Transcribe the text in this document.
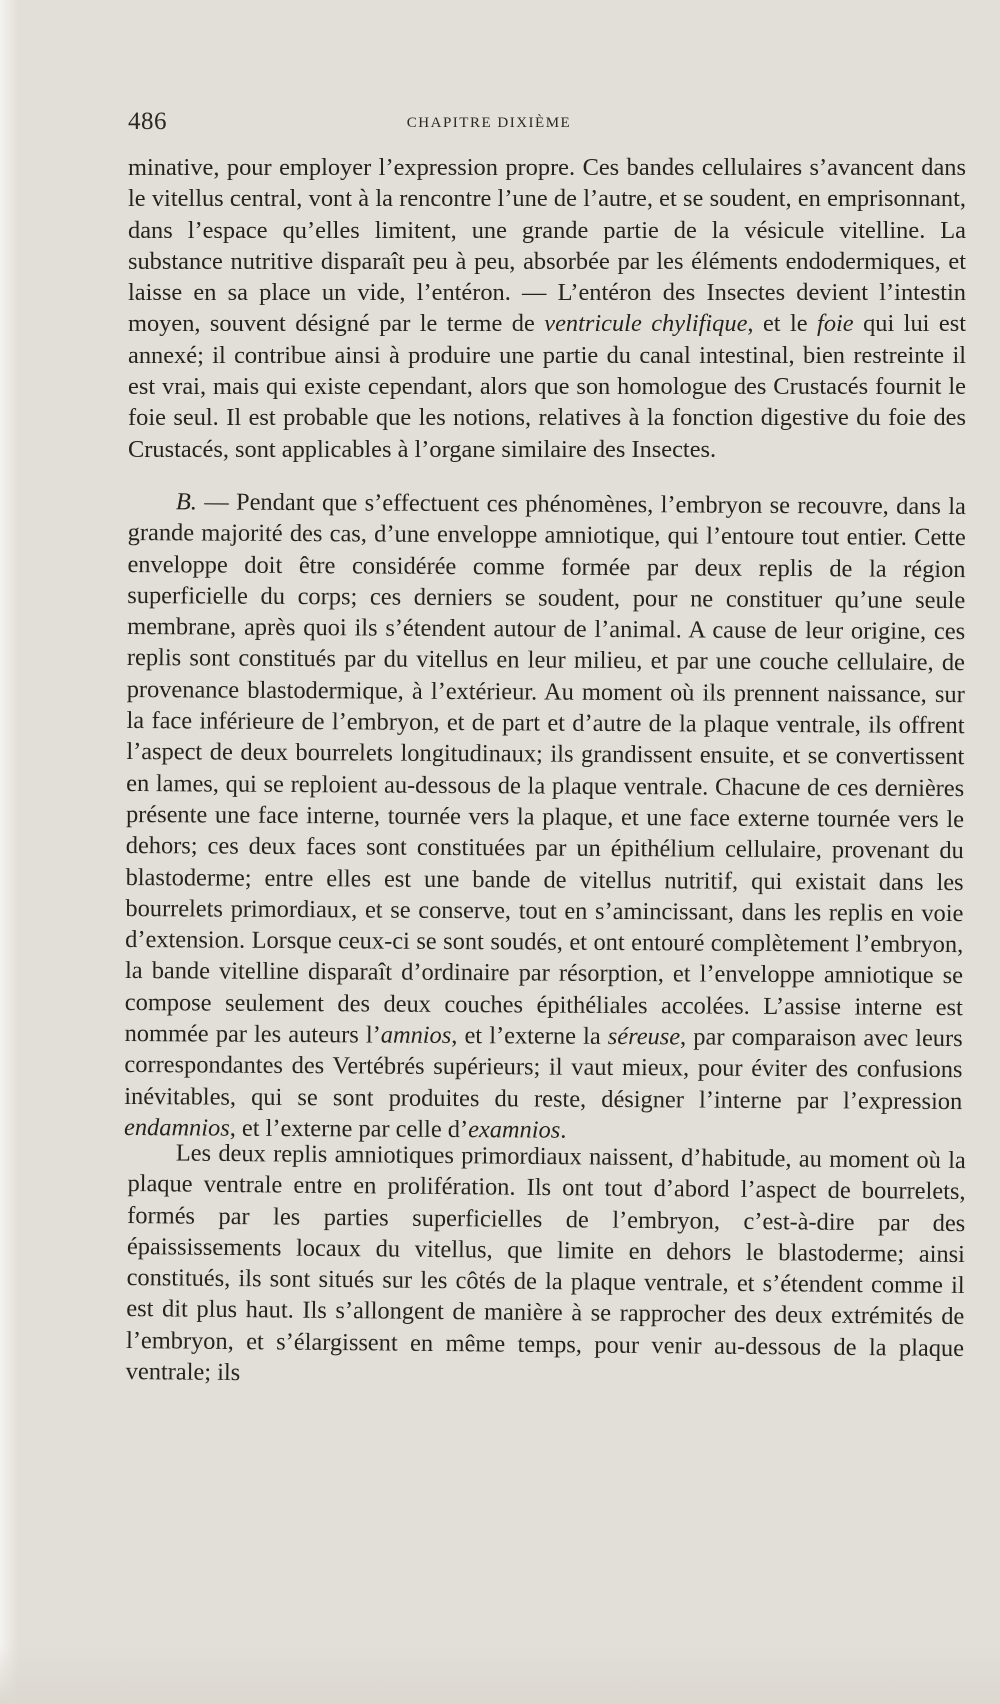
486	CHAPITRE DIXIÈME

minative, pour employer l’expression propre. Ces bandes cellulaires s’avancent dans le vitellus central, vont à la rencontre l’une de l’autre, et se soudent, en emprisonnant, dans l’espace qu’elles limitent, une grande partie de la vésicule vitelline. La substance nutritive disparaît peu à peu, absorbée par les éléments endodermiques, et laisse en sa place un vide, l’entéron. — L’entéron des Insectes devient l’intestin moyen, souvent désigné par le terme de ventricule chylifique, et le foie qui lui est annexé; il contribue ainsi à produire une partie du canal intestinal, bien restreinte il est vrai, mais qui existe cependant, alors que son homologue des Crustacés fournit le foie seul. Il est probable que les notions, relatives à la fonction digestive du foie des Crustacés, sont applicables à l’organe similaire des Insectes.

B. — Pendant que s’effectuent ces phénomènes, l’embryon se recouvre, dans la grande majorité des cas, d’une enveloppe amniotique, qui l’entoure tout entier. Cette enveloppe doit être considérée comme formée par deux replis de la région superficielle du corps; ces derniers se soudent, pour ne constituer qu’une seule membrane, après quoi ils s’étendent autour de l’animal. A cause de leur origine, ces replis sont constitués par du vitellus en leur milieu, et par une couche cellulaire, de provenance blastodermique, à l’extérieur. Au moment où ils prennent naissance, sur la face inférieure de l’embryon, et de part et d’autre de la plaque ventrale, ils offrent l’aspect de deux bourrelets longitudinaux; ils grandissent ensuite, et se convertissent en lames, qui se reploient au-dessous de la plaque ventrale. Chacune de ces dernières présente une face interne, tournée vers la plaque, et une face externe tournée vers le dehors; ces deux faces sont constituées par un épithélium cellulaire, provenant du blastoderme; entre elles est une bande de vitellus nutritif, qui existait dans les bourrelets primordiaux, et se conserve, tout en s’amincissant, dans les replis en voie d’extension. Lorsque ceux-ci se sont soudés, et ont entouré complètement l’embryon, la bande vitelline disparaît d’ordinaire par résorption, et l’enveloppe amniotique se compose seulement des deux couches épithéliales accolées. L’assise interne est nommée par les auteurs l’amnios, et l’externe la séreuse, par comparaison avec leurs correspondantes des Vertébrés supérieurs; il vaut mieux, pour éviter des confusions inévitables, qui se sont produites du reste, désigner l’interne par l’expression endamnios, et l’externe par celle d’examnios.

Les deux replis amniotiques primordiaux naissent, d’habitude, au moment où la plaque ventrale entre en prolifération. Ils ont tout d’abord l’aspect de bourrelets, formés par les parties superficielles de l’embryon, c’est-à-dire par des épaississements locaux du vitellus, que limite en dehors le blastoderme; ainsi constitués, ils sont situés sur les côtés de la plaque ventrale, et s’étendent comme il est dit plus haut. Ils s’allongent de manière à se rapprocher des deux extrémités de l’embryon, et s’élargissent en même temps, pour venir au-dessous de la plaque ventrale; ils
